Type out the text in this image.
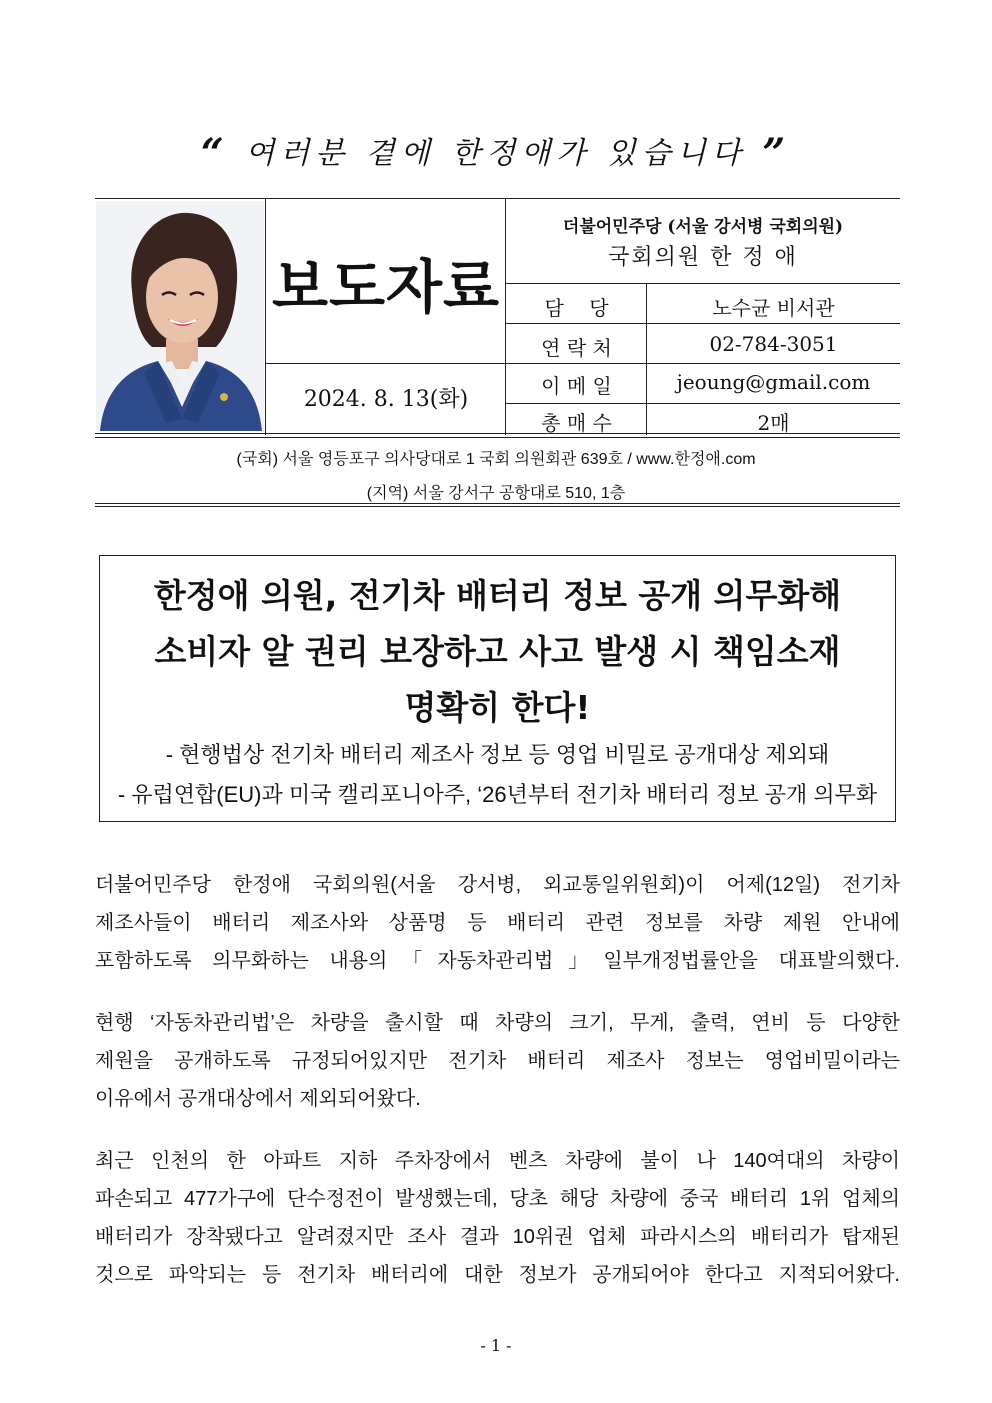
“ 여러분 곁에 한정애가 있습니다 ”
보도자료
2024. 8. 13(화)
더불어민주당 (서울 강서병 국회의원)
국회의원 한 정 애
담    당	노수균 비서관
연 락 처	02-784-3051
이 메 일	jeoung@gmail.com
총 매 수	2매
(국회) 서울 영등포구 의사당대로 1 국회 의원회관 639호 / www.한정애.com
(지역) 서울 강서구 공항대로 510, 1층
한정애 의원, 전기차 배터리 정보 공개 의무화해
소비자 알 권리 보장하고 사고 발생 시 책임소재
명확히 한다!
- 현행법상 전기차 배터리 제조사 정보 등 영업 비밀로 공개대상 제외돼
- 유럽연합(EU)과 미국 캘리포니아주, ‘26년부터 전기차 배터리 정보 공개 의무화
더불어민주당 한정애 국회의원(서울 강서병, 외교통일위원회)이 어제(12일) 전기차
제조사들이 배터리 제조사와 상품명 등 배터리 관련 정보를 차량 제원 안내에
포함하도록 의무화하는 내용의「자동차관리법」일부개정법률안을 대표발의했다.
현행 ‘자동차관리법’은 차량을 출시할 때 차량의 크기, 무게, 출력, 연비 등 다양한
제원을 공개하도록 규정되어있지만 전기차 배터리 제조사 정보는 영업비밀이라는
이유에서 공개대상에서 제외되어왔다.
최근 인천의 한 아파트 지하 주차장에서 벤츠 차량에 불이 나 140여대의 차량이
파손되고 477가구에 단수정전이 발생했는데, 당초 해당 차량에 중국 배터리 1위 업체의
배터리가 장착됐다고 알려졌지만 조사 결과 10위권 업체 파라시스의 배터리가 탑재된
것으로 파악되는 등 전기차 배터리에 대한 정보가 공개되어야 한다고 지적되어왔다.
- 1 -
